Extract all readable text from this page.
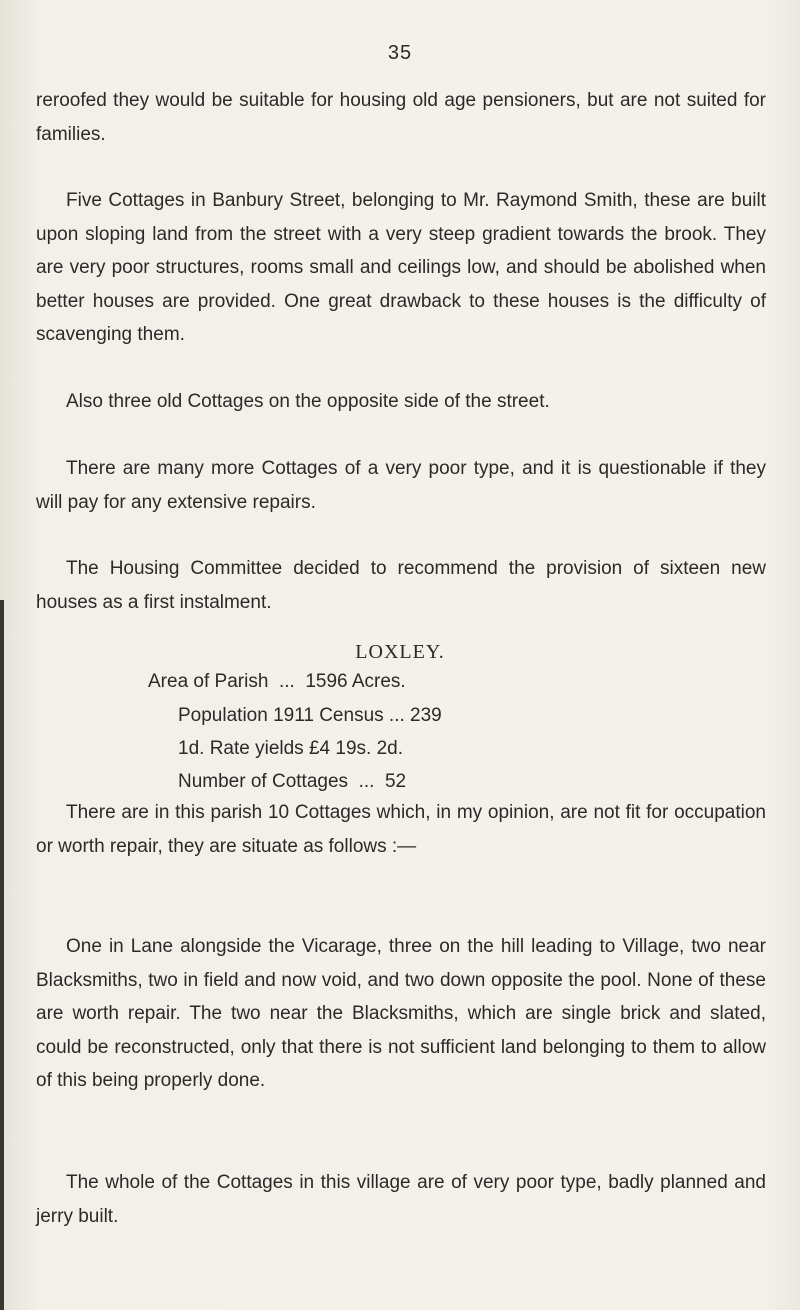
35

reroofed they would be suitable for housing old age pensioners, but are not suited for families.

Five Cottages in Banbury Street, belonging to Mr. Raymond Smith, these are built upon sloping land from the street with a very steep gradient towards the brook. They are very poor structures, rooms small and ceilings low, and should be abolished when better houses are provided. One great drawback to these houses is the difficulty of scavenging them.

Also three old Cottages on the opposite side of the street.

There are many more Cottages of a very poor type, and it is questionable if they will pay for any extensive repairs.

The Housing Committee decided to recommend the provision of sixteen new houses as a first instalment.

LOXLEY.
Area of Parish  ...  1596 Acres.
Population 1911 Census ... 239
1d. Rate yields £4 19s. 2d.
Number of Cottages  ...  52

There are in this parish 10 Cottages which, in my opinion, are not fit for occupation or worth repair, they are situate as follows :—

One in Lane alongside the Vicarage, three on the hill leading to Village, two near Blacksmiths, two in field and now void, and two down opposite the pool. None of these are worth repair. The two near the Blacksmiths, which are single brick and slated, could be reconstructed, only that there is not sufficient land belonging to them to allow of this being properly done.

The whole of the Cottages in this village are of very poor type, badly planned and jerry built.
